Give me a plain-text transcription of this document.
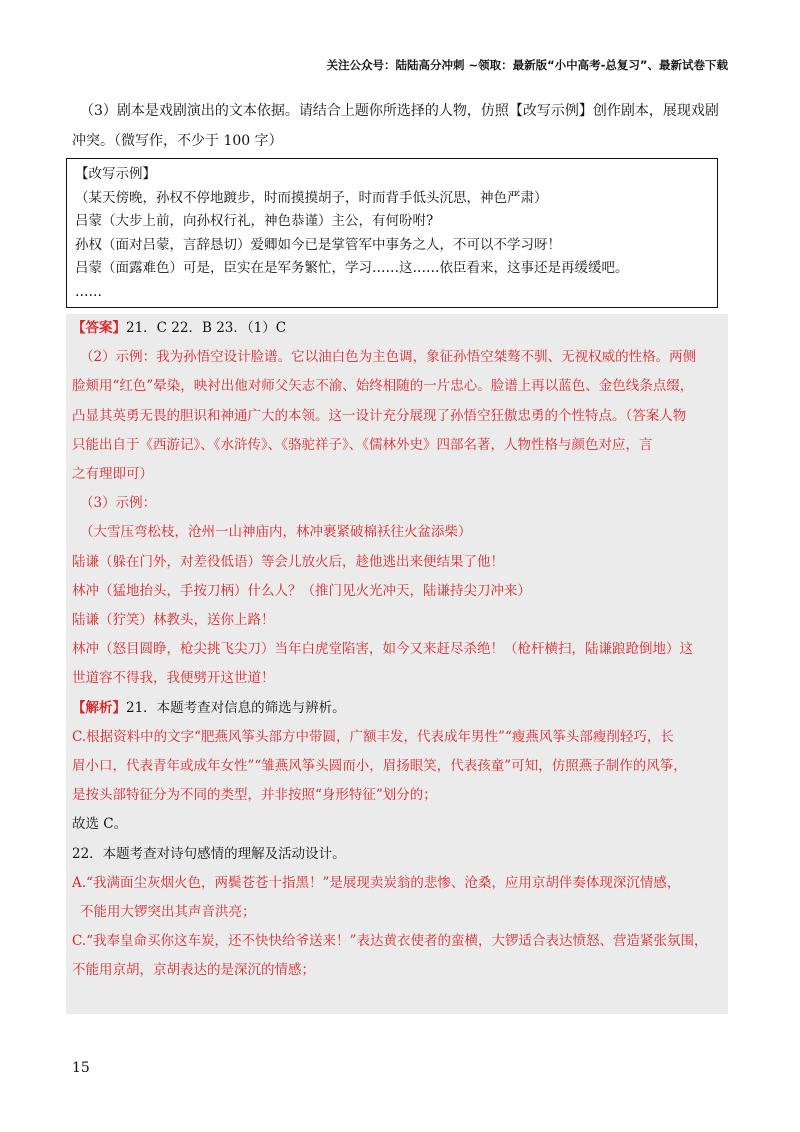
关注公众号：陆陆高分冲刺 ~领取：最新版“小中高考-总复习”、最新试卷下载

（3）剧本是戏剧演出的文本依据。请结合上题你所选择的人物，仿照【改写示例】创作剧本，展现戏剧

冲突。（微写作，不少于 100 字）

【改写示例】

（某天傍晚，孙权不停地踱步，时而摸摸胡子，时而背手低头沉思，神色严肃）

吕蒙（大步上前，向孙权行礼，神色恭谨）主公，有何吩咐?

孙权（面对吕蒙，言辞恳切）爱卿如今已是掌管军中事务之人，不可以不学习呀！

吕蒙（面露难色）可是，臣实在是军务繁忙，学习……这……依臣看来，这事还是再缓缓吧。

……

【答案】21．C 22．B 23．（1）C

（2）示例：我为孙悟空设计脸谱。它以油白色为主色调，象征孙悟空桀骜不驯、无视权威的性格。两侧

脸颊用“红色”晕染，映衬出他对师父矢志不渝、始终相随的一片忠心。脸谱上再以蓝色、金色线条点缀，

凸显其英勇无畏的胆识和神通广大的本领。这一设计充分展现了孙悟空狂傲忠勇的个性特点。（答案人物

只能出自于《西游记》、《水浒传》、《骆驼祥子》、《儒林外史》四部名著，人物性格与颜色对应，言

之有理即可）

（3）示例：

（大雪压弯松枝，沧州一山神庙内，林冲裹紧破棉袄往火盆添柴）

陆谦（躲在门外，对差役低语）等会儿放火后，趁他逃出来便结果了他！

林冲（猛地抬头，手按刀柄）什么人？（推门见火光冲天，陆谦持尖刀冲来）

陆谦（狞笑）林教头，送你上路！

林冲（怒目圆睁，枪尖挑飞尖刀）当年白虎堂陷害，如今又来赶尽杀绝！（枪杆横扫，陆谦踉跄倒地）这

世道容不得我，我便劈开这世道！

【解析】21．本题考查对信息的筛选与辨析。

C.根据资料中的文字“肥燕风筝头部方中带圆，广额丰发，代表成年男性”“瘦燕风筝头部瘦削轻巧，长

眉小口，代表青年或成年女性”“雏燕风筝头圆而小，眉扬眼笑，代表孩童”可知，仿照燕子制作的风筝，

是按头部特征分为不同的类型，并非按照“身形特征”划分的；

故选 C。

22．本题考查对诗句感情的理解及活动设计。

A.“我满面尘灰烟火色，两鬓苍苍十指黑！”是展现卖炭翁的悲惨、沧桑，应用京胡伴奏体现深沉情感，

不能用大锣突出其声音洪亮；

C.“我奉皇命买你这车炭，还不快快给爷送来！”表达黄衣使者的蛮横，大锣适合表达愤怒、营造紧张氛围，

不能用京胡，京胡表达的是深沉的情感；

15
